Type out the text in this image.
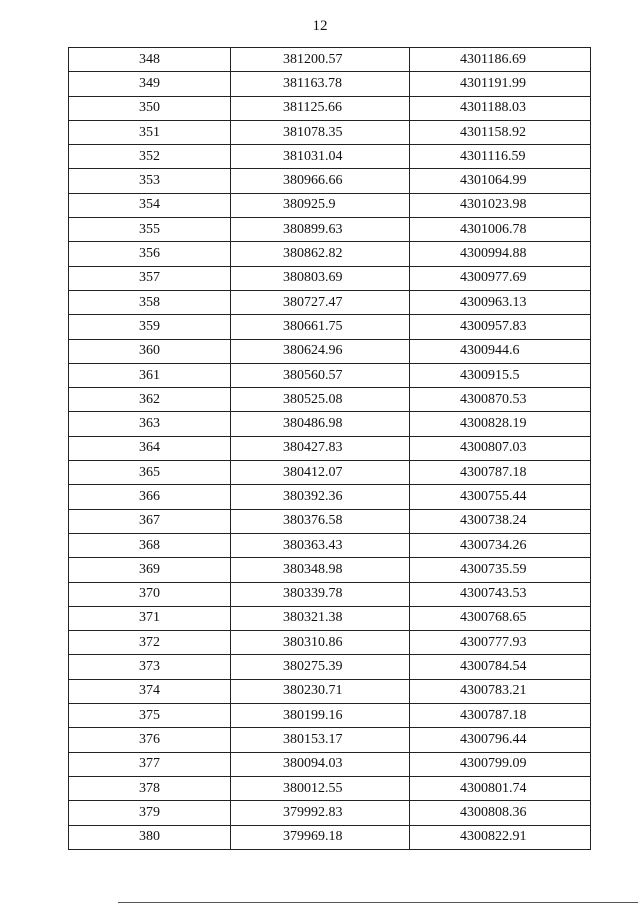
12
348	381200.57	4301186.69
349	381163.78	4301191.99
350	381125.66	4301188.03
351	381078.35	4301158.92
352	381031.04	4301116.59
353	380966.66	4301064.99
354	380925.9	4301023.98
355	380899.63	4301006.78
356	380862.82	4300994.88
357	380803.69	4300977.69
358	380727.47	4300963.13
359	380661.75	4300957.83
360	380624.96	4300944.6
361	380560.57	4300915.5
362	380525.08	4300870.53
363	380486.98	4300828.19
364	380427.83	4300807.03
365	380412.07	4300787.18
366	380392.36	4300755.44
367	380376.58	4300738.24
368	380363.43	4300734.26
369	380348.98	4300735.59
370	380339.78	4300743.53
371	380321.38	4300768.65
372	380310.86	4300777.93
373	380275.39	4300784.54
374	380230.71	4300783.21
375	380199.16	4300787.18
376	380153.17	4300796.44
377	380094.03	4300799.09
378	380012.55	4300801.74
379	379992.83	4300808.36
380	379969.18	4300822.91
